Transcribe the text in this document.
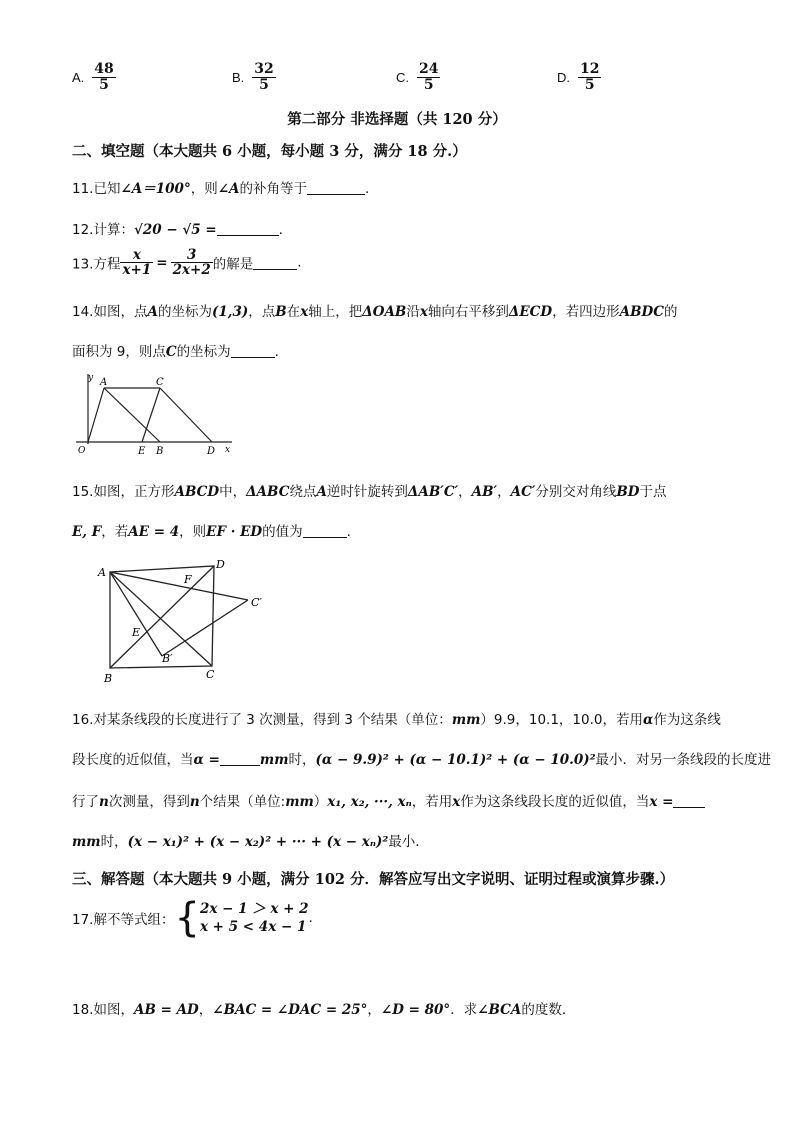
A. $\frac{48}{5}$	B. $\frac{32}{5}$	C. $\frac{24}{5}$	D. $\frac{12}{5}$
第二部分 非选择题（共 120 分）
二、填空题（本大题共 6 小题，每小题 3 分，满分 18 分.）
11.已知∠A＝100°，则∠A的补角等于	.
12.计算：√20 − √5 =	.
13.方程 $\frac{x}{x+1} = \frac{3}{2x+2}$ 的解是	.
14.如图，点A的坐标为(1,3)，点B在x轴上，把ΔOAB沿x轴向右平移到ΔECD，若四边形ABDC的
面积为 9，则点C的坐标为	.
y A	C
O	E B	D x
15.如图，正方形ABCD中，ΔABC绕点A逆时针旋转到ΔAB′C′，AB′，AC′分别交对角线BD于点
E, F，若AE = 4，则EF · ED的值为	.
A
D
F
C′
E
B′
B	C
16.对某条线段的长度进行了 3 次测量，得到 3 个结果（单位：mm）9.9，10.1，10.0，若用α作为这条线
段长度的近似值，当α =	mm时，(α − 9.9)² + (α − 10.1)² + (α − 10.0)²最小．对另一条线段的长度进
行了n次测量，得到n个结果（单位:mm）x₁, x₂, ···, xₙ，若用x作为这条线段长度的近似值，当x =
mm时，(x − x₁)² + (x − x₂)² + ··· + (x − xₙ)²最小．
三、解答题（本大题共 9 小题，满分 102 分．解答应写出文字说明、证明过程或演算步骤.）
17.解不等式组：{ 2x − 1 ＞ x + 2
x + 5 < 4x − 1
.
18.如图，AB = AD，∠BAC = ∠DAC = 25°，∠D = 80°．求∠BCA的度数．
